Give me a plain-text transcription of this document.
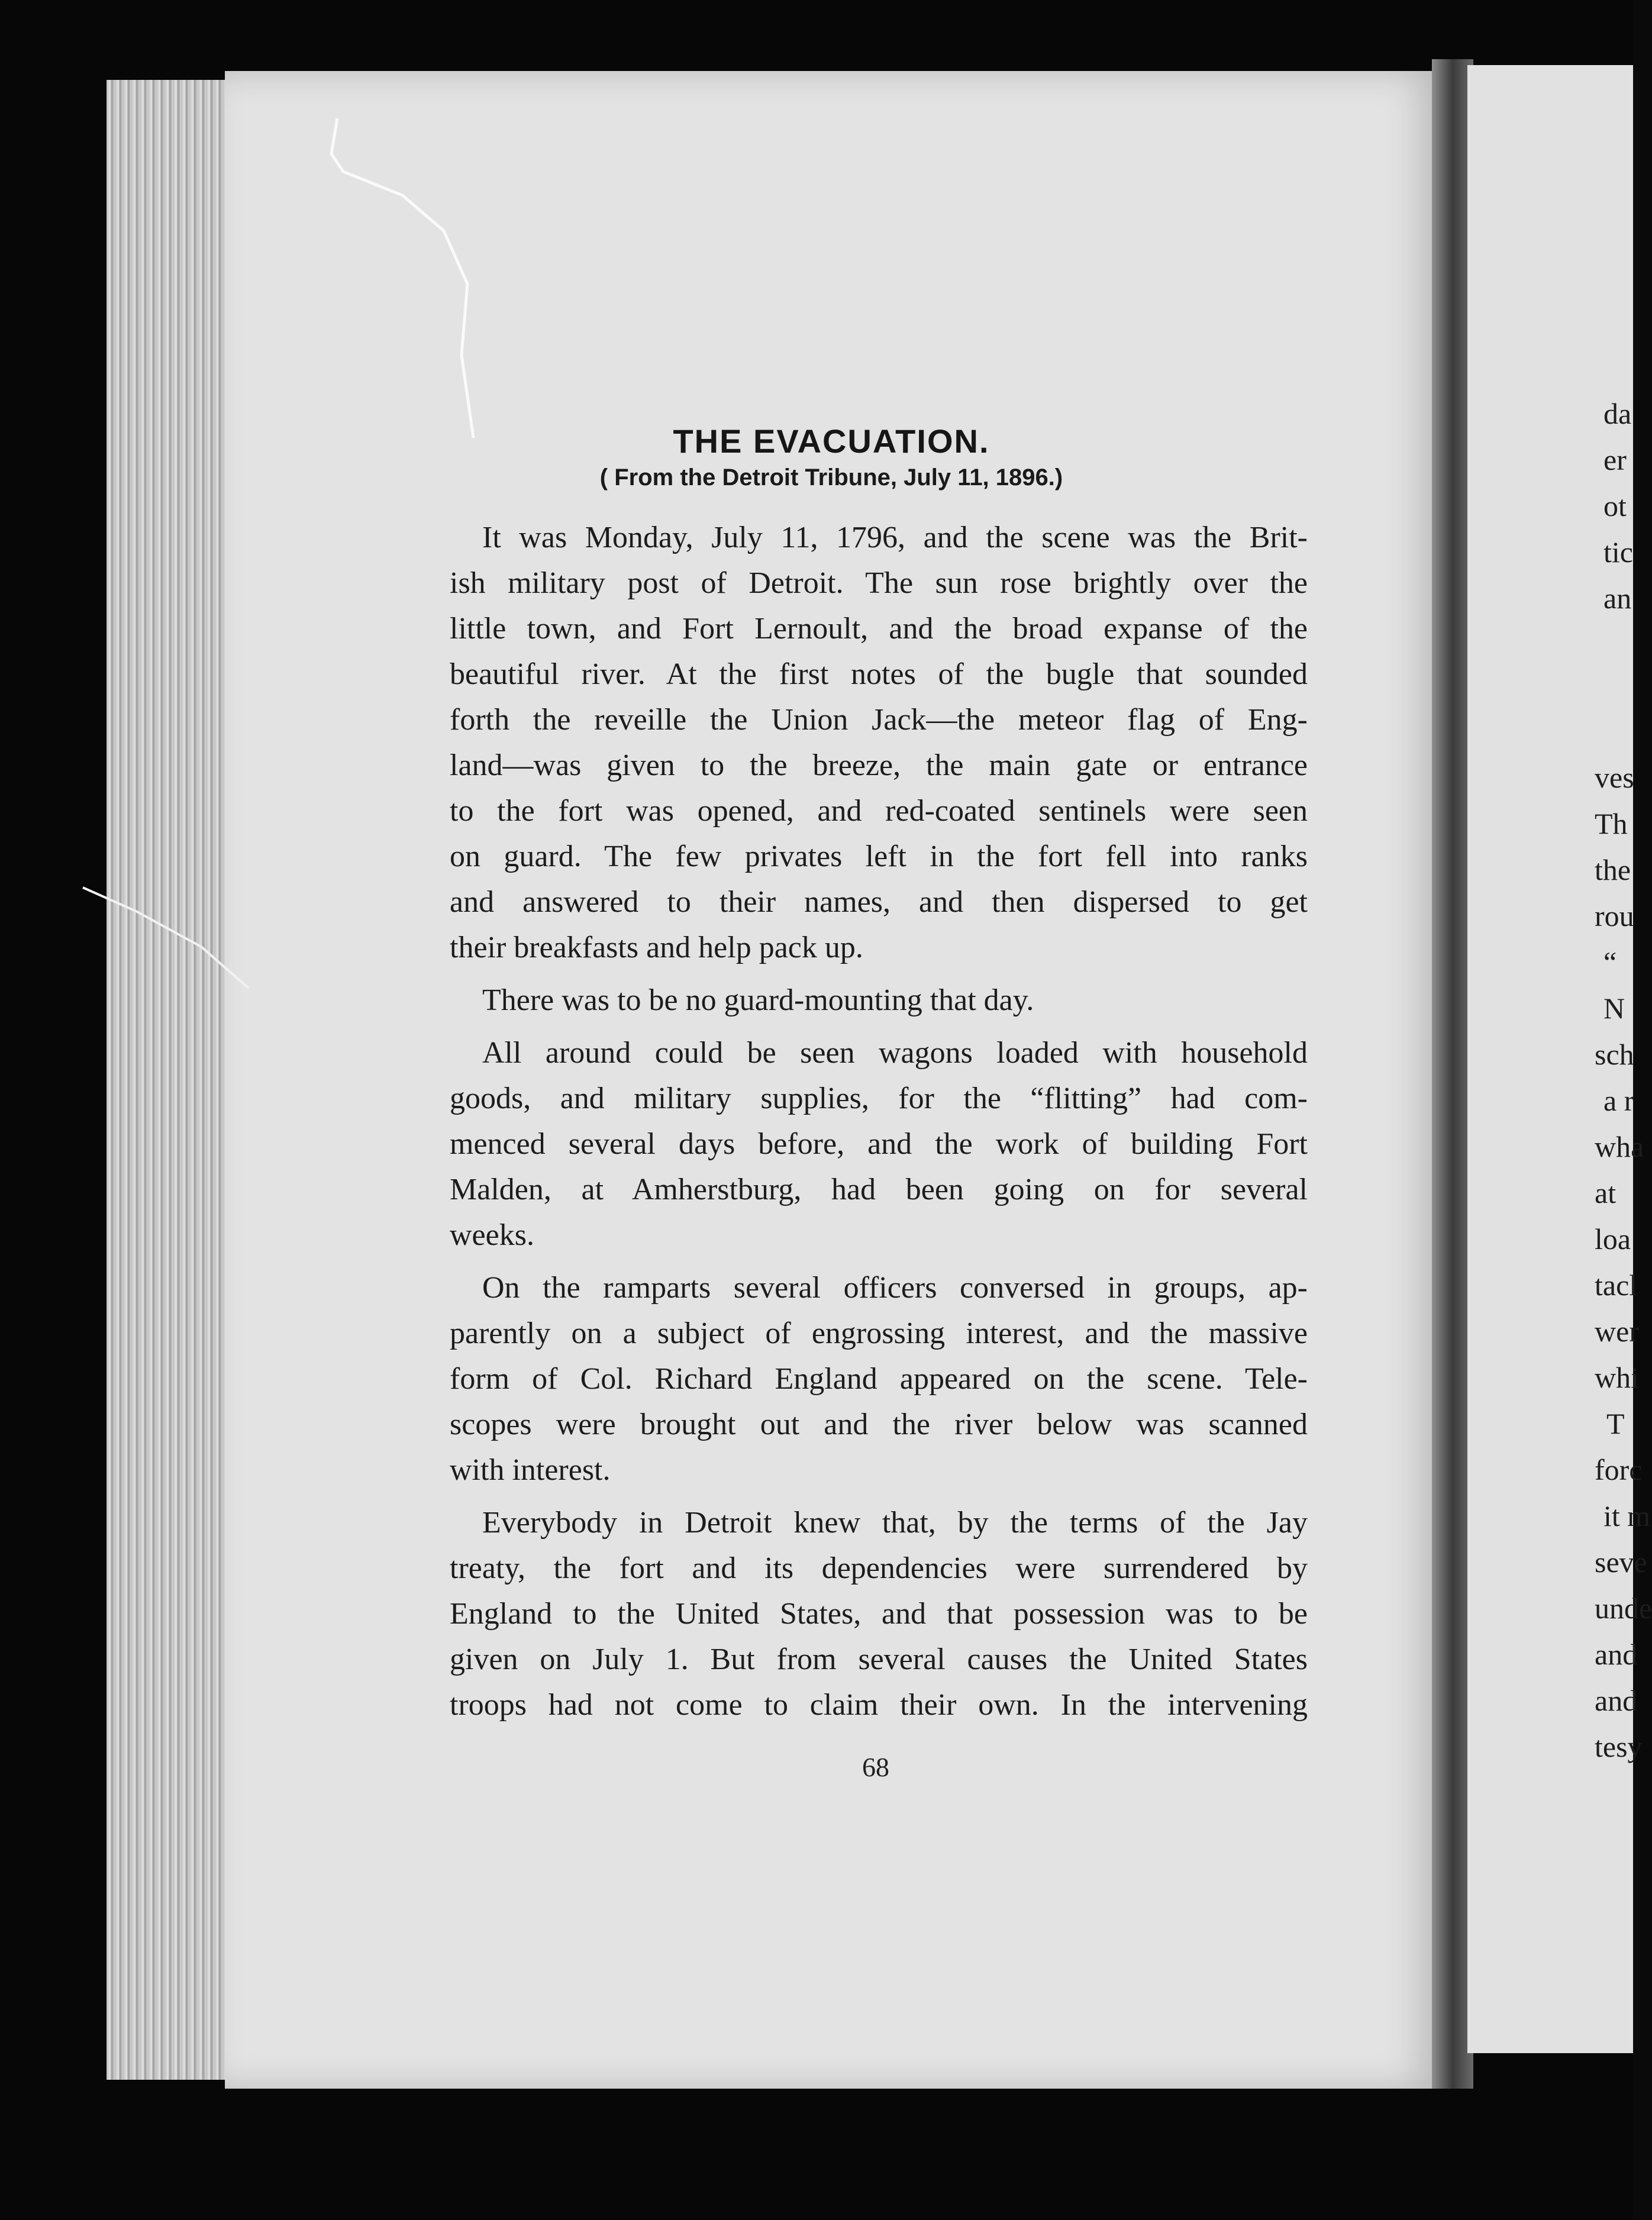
da
er
ot
tic
an
ves
Th
the
rou
“
N
sch
a r
wha
at
loa
tacl
wer
whi
T
forc
it m
seve
unde
and
and
tesy
THE EVACUATION.
( From the Detroit Tribune, July 11, 1896.)
It was Monday, July 11, 1796, and the scene was the Brit-
ish military post of Detroit. The sun rose brightly over the
little town, and Fort Lernoult, and the broad expanse of the
beautiful river. At the first notes of the bugle that sounded
forth the reveille the Union Jack—the meteor flag of Eng-
land—was given to the breeze, the main gate or entrance
to the fort was opened, and red-coated sentinels were seen
on guard. The few privates left in the fort fell into ranks
and answered to their names, and then dispersed to get
their breakfasts and help pack up.
There was to be no guard-mounting that day.
All around could be seen wagons loaded with household
goods, and military supplies, for the “flitting” had com-
menced several days before, and the work of building Fort
Malden, at Amherstburg, had been going on for several
weeks.
On the ramparts several officers conversed in groups, ap-
parently on a subject of engrossing interest, and the massive
form of Col. Richard England appeared on the scene. Tele-
scopes were brought out and the river below was scanned
with interest.
Everybody in Detroit knew that, by the terms of the Jay
treaty, the fort and its dependencies were surrendered by
England to the United States, and that possession was to be
given on July 1. But from several causes the United States
troops had not come to claim their own. In the intervening
68
